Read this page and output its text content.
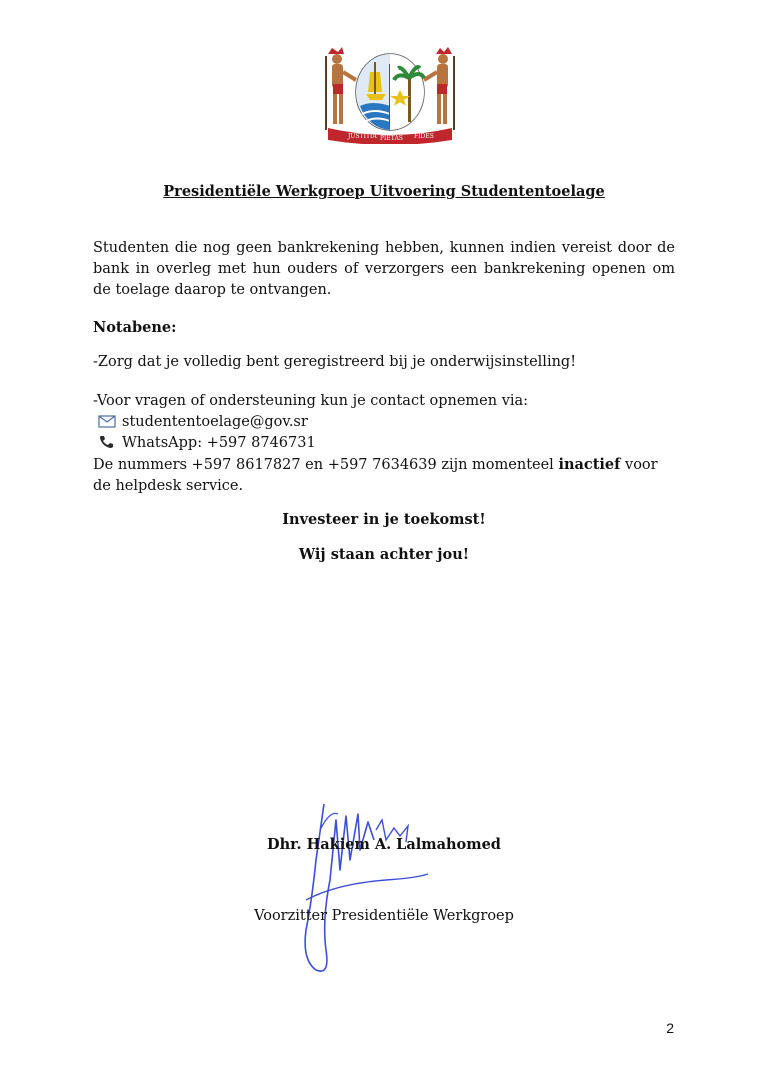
JUSTITIA PIETAS FIDES
Presidentiële Werkgroep Uitvoering Studententoelage

Studenten die nog geen bankrekening hebben, kunnen indien vereist door de bank in overleg met hun ouders of verzorgers een bankrekening openen om de toelage daarop te ontvangen.

Notabene:
-Zorg dat je volledig bent geregistreerd bij je onderwijsinstelling!
-Voor vragen of ondersteuning kun je contact opnemen via:
studententoelage@gov.sr
WhatsApp: +597 8746731
De nummers +597 8617827 en +597 7634639 zijn momenteel inactief voor de helpdesk service.
Investeer in je toekomst!
Wij staan achter jou!
Dhr. Hakiem A. Lalmahomed
Voorzitter Presidentiële Werkgroep
2
